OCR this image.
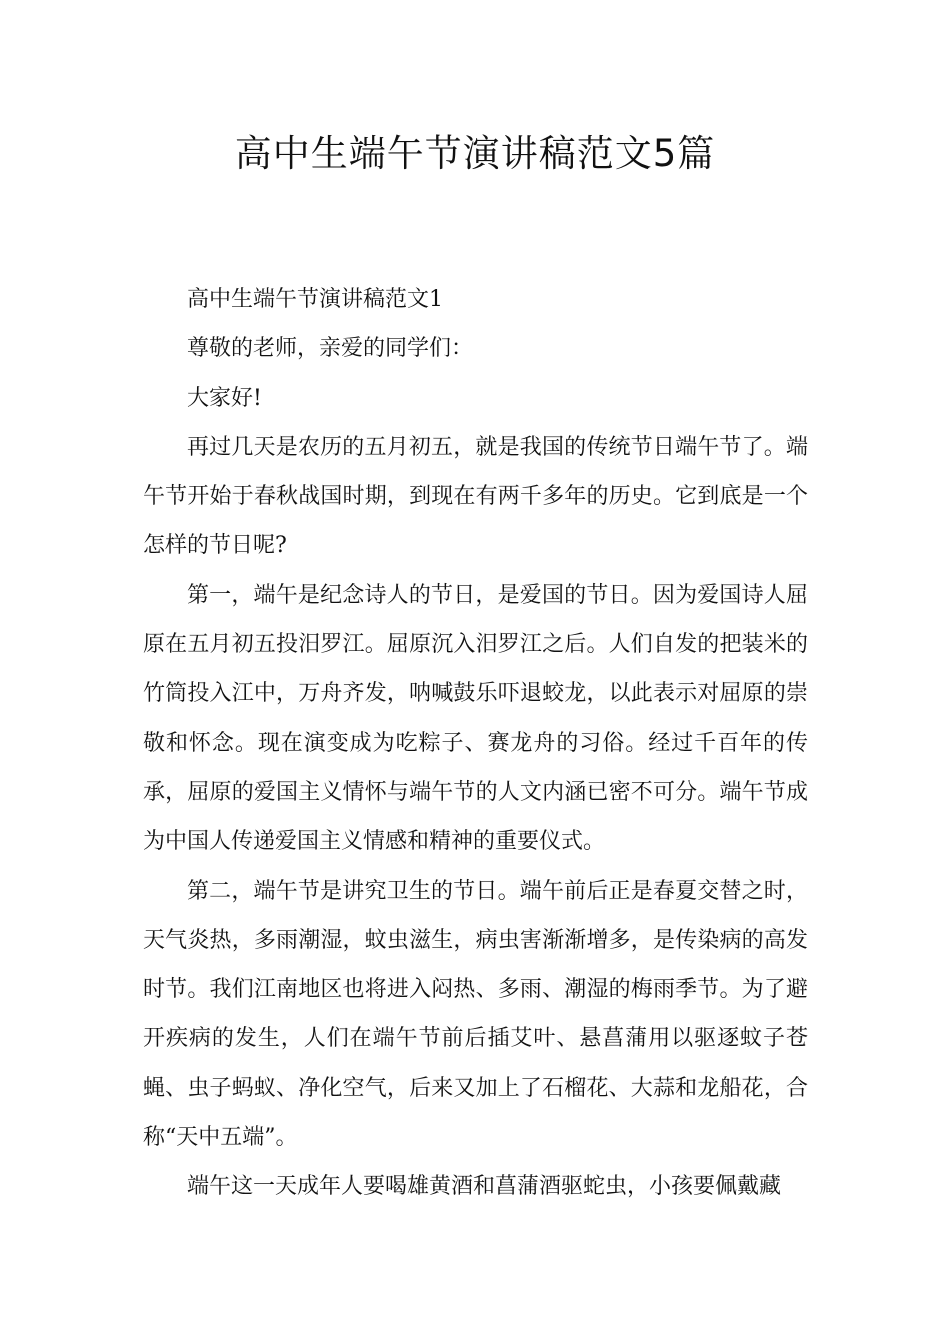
高中生端午节演讲稿范文5篇

高中生端午节演讲稿范文1

尊敬的老师，亲爱的同学们：

大家好!

再过几天是农历的五月初五，就是我国的传统节日端午节了。端午节开始于春秋战国时期，到现在有两千多年的历史。它到底是一个怎样的节日呢?

第一，端午是纪念诗人的节日，是爱国的节日。因为爱国诗人屈原在五月初五投汨罗江。屈原沉入汨罗江之后。人们自发的把装米的竹筒投入江中，万舟齐发，呐喊鼓乐吓退蛟龙，以此表示对屈原的崇敬和怀念。现在演变成为吃粽子、赛龙舟的习俗。经过千百年的传承，屈原的爱国主义情怀与端午节的人文内涵已密不可分。端午节成为中国人传递爱国主义情感和精神的重要仪式。

第二，端午节是讲究卫生的节日。端午前后正是春夏交替之时，天气炎热，多雨潮湿，蚊虫滋生，病虫害渐渐增多，是传染病的高发时节。我们江南地区也将进入闷热、多雨、潮湿的梅雨季节。为了避开疾病的发生，人们在端午节前后插艾叶、悬菖蒲用以驱逐蚊子苍蝇、虫子蚂蚁、净化空气，后来又加上了石榴花、大蒜和龙船花，合称“天中五端”。

端午这一天成年人要喝雄黄酒和菖蒲酒驱蛇虫，小孩要佩戴藏
